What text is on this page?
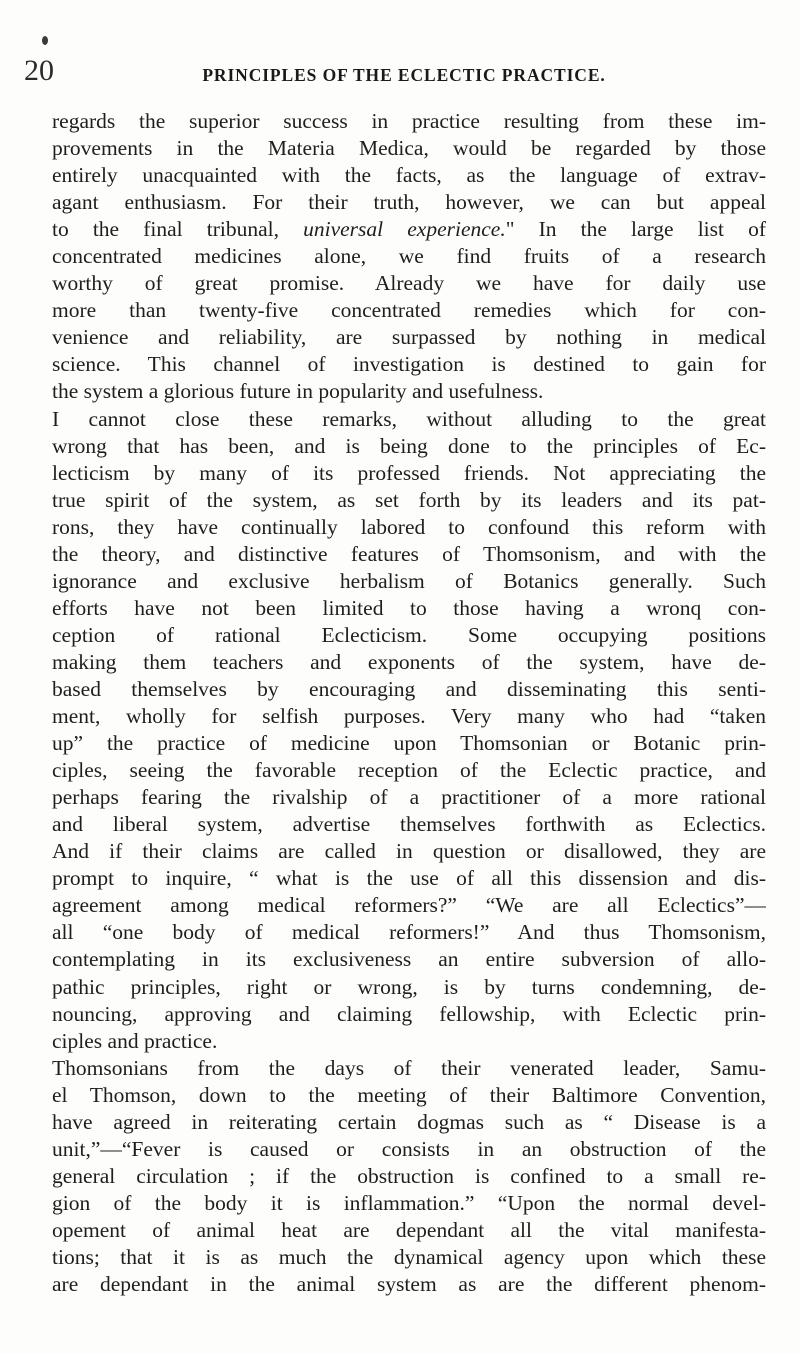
20	PRINCIPLES OF THE ECLECTIC PRACTICE.
regards the superior success in practice resulting from these im-
provements in the Materia Medica, would be regarded by those
entirely unacquainted with the facts, as the language of extrav-
agant enthusiasm. For their truth, however, we can but appeal
to the final tribunal, universal experience." In the large list of
concentrated medicines alone, we find fruits of a research
worthy of great promise. Already we have for daily use
more than twenty-five concentrated remedies which for con-
venience and reliability, are surpassed by nothing in medical
science. This channel of investigation is destined to gain for
the system a glorious future in popularity and usefulness.
I cannot close these remarks, without alluding to the great
wrong that has been, and is being done to the principles of Ec-
lecticism by many of its professed friends. Not appreciating the
true spirit of the system, as set forth by its leaders and its pat-
rons, they have continually labored to confound this reform with
the theory, and distinctive features of Thomsonism, and with the
ignorance and exclusive herbalism of Botanics generally. Such
efforts have not been limited to those having a wronq con-
ception of rational Eclecticism. Some occupying positions
making them teachers and exponents of the system, have de-
based themselves by encouraging and disseminating this senti-
ment, wholly for selfish purposes. Very many who had “taken
up” the practice of medicine upon Thomsonian or Botanic prin-
ciples, seeing the favorable reception of the Eclectic practice, and
perhaps fearing the rivalship of a practitioner of a more rational
and liberal system, advertise themselves forthwith as Eclectics.
And if their claims are called in question or disallowed, they are
prompt to inquire, “ what is the use of all this dissension and dis-
agreement among medical reformers?” “We are all Eclectics”—
all “one body of medical reformers!” And thus Thomsonism,
contemplating in its exclusiveness an entire subversion of allo-
pathic principles, right or wrong, is by turns condemning, de-
nouncing, approving and claiming fellowship, with Eclectic prin-
ciples and practice.
Thomsonians from the days of their venerated leader, Samu-
el Thomson, down to the meeting of their Baltimore Convention,
have agreed in reiterating certain dogmas such as “ Disease is a
unit,”—“Fever is caused or consists in an obstruction of the
general circulation ; if the obstruction is confined to a small re-
gion of the body it is inflammation.” “Upon the normal devel-
opement of animal heat are dependant all the vital manifesta-
tions; that it is as much the dynamical agency upon which these
are dependant in the animal system as are the different phenom-
